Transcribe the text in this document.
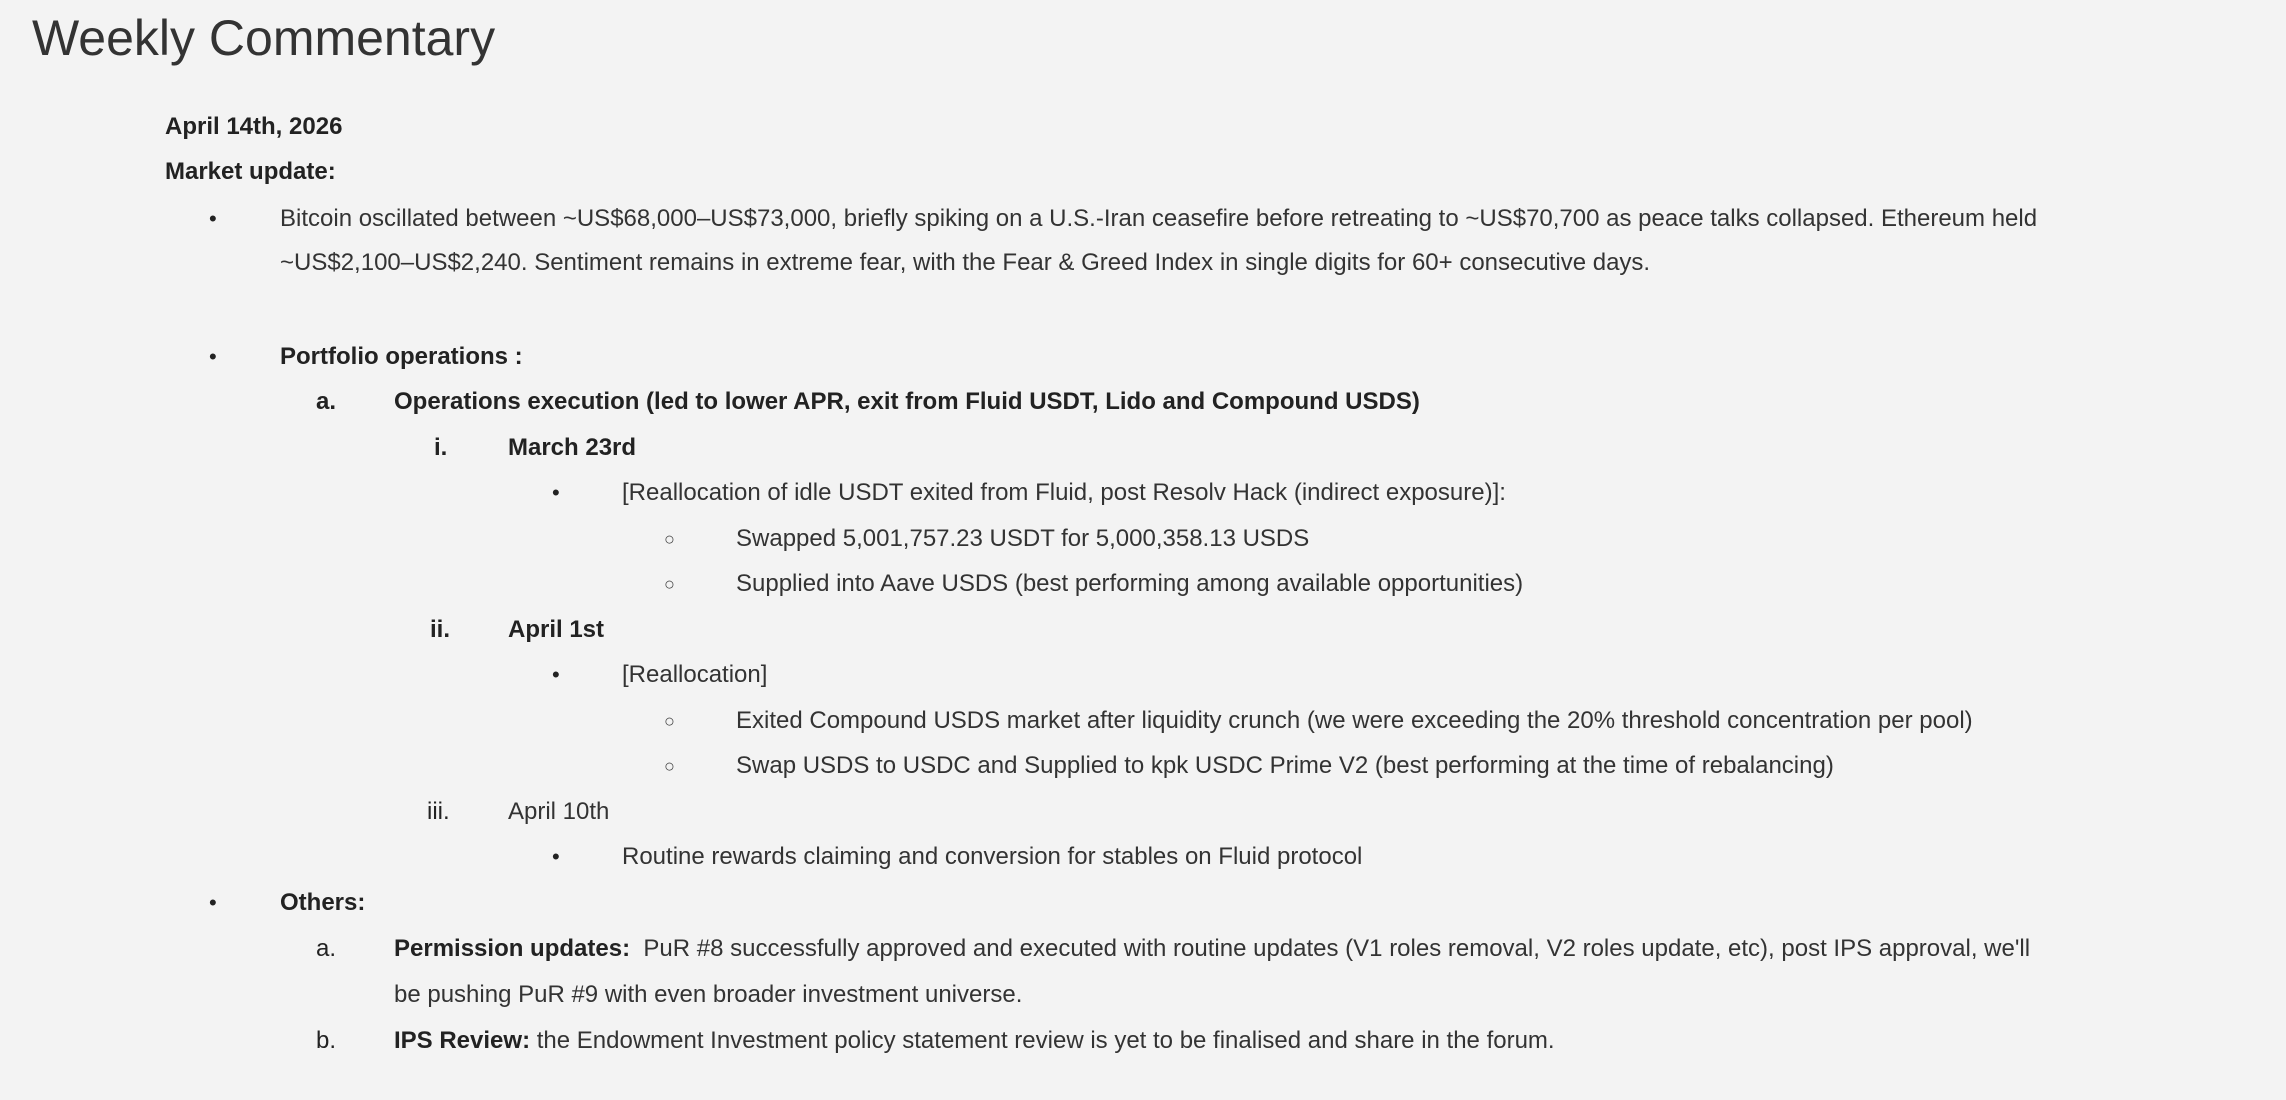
Weekly Commentary
April 14th, 2026
Market update:
•	Bitcoin oscillated between ~US$68,000–US$73,000, briefly spiking on a U.S.-Iran ceasefire before retreating to ~US$70,700 as peace talks collapsed. Ethereum held
~US$2,100–US$2,240. Sentiment remains in extreme fear, with the Fear & Greed Index in single digits for 60+ consecutive days.
•	Portfolio operations :
a. Operations execution (led to lower APR, exit from Fluid USDT, Lido and Compound USDS)
i.	March 23rd
•	[Reallocation of idle USDT exited from Fluid, post Resolv Hack (indirect exposure)]:
○	Swapped 5,001,757.23 USDT for 5,000,358.13 USDS
○	Supplied into Aave USDS (best performing among available opportunities)
ii. April 1st
•	[Reallocation]
○	Exited Compound USDS market after liquidity crunch (we were exceeding the 20% threshold concentration per pool)
○	Swap USDS to USDC and Supplied to kpk USDC Prime V2 (best performing at the time of rebalancing)
iii. April 10th
•	Routine rewards claiming and conversion for stables on Fluid protocol
•	Others:
a. Permission updates: PuR #8 successfully approved and executed with routine updates (V1 roles removal, V2 roles update, etc), post IPS approval, we'll
be pushing PuR #9 with even broader investment universe.
b. IPS Review: the Endowment Investment policy statement review is yet to be finalised and share in the forum.
